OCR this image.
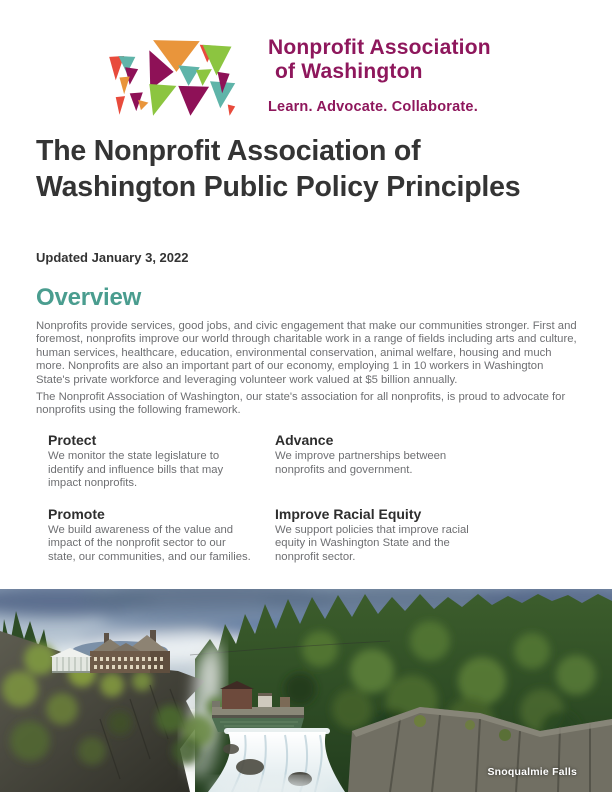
Nonprofit Association
of Washington
Learn. Advocate. Collaborate.
The Nonprofit Association of
Washington Public Policy Principles

Updated January 3, 2022

Overview

Nonprofits provide services, good jobs, and civic engagement that make our communities stronger. First and foremost, nonprofits improve our world through charitable work in a range of fields including arts and culture, human services, healthcare, education, environmental conservation, animal welfare, housing and much more. Nonprofits are also an important part of our economy, employing 1 in 10 workers in Washington State's private workforce and leveraging volunteer work valued at $5 billion annually.

The Nonprofit Association of Washington, our state's association for all nonprofits, is proud to advocate for nonprofits using the following framework.

Protect

We monitor the state legislature to identify and influence bills that may impact nonprofits.

Advance

We improve partnerships between nonprofits and government.

Promote

We build awareness of the value and impact of the nonprofit sector to our state, our communities, and our families.

Improve Racial Equity

We support policies that improve racial equity in Washington State and the nonprofit sector.

Snoqualmie Falls
